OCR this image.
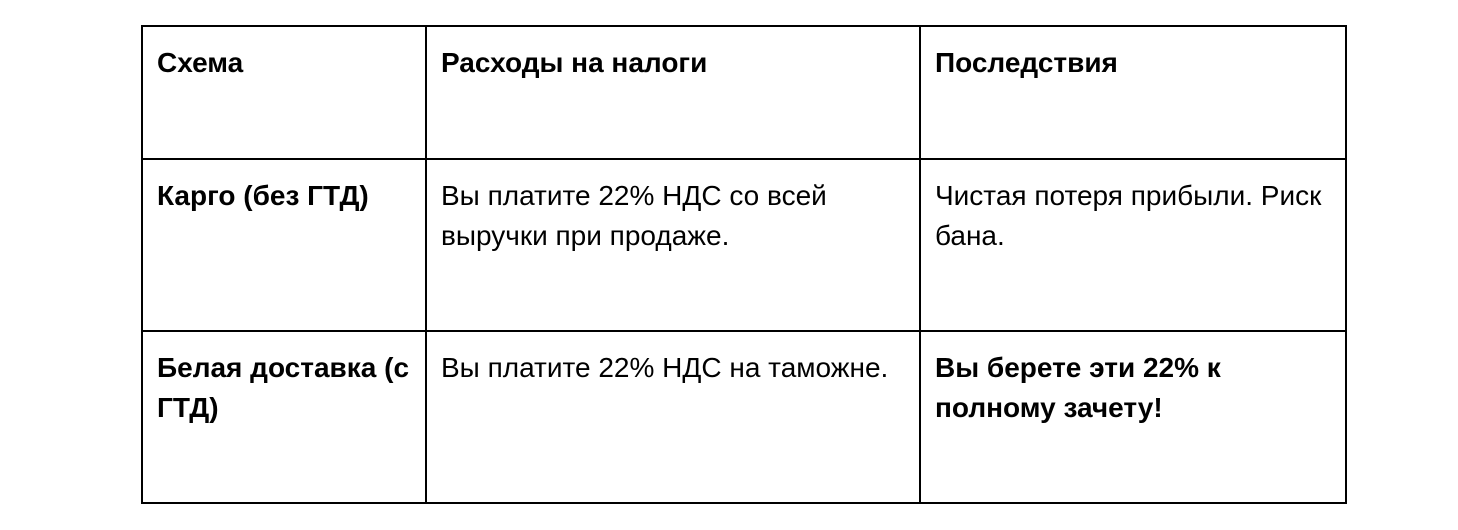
Схема	Расходы на налоги	Последствия
Карго (без ГТД)	Вы платите 22% НДС со всей выручки при продаже.	Чистая потеря прибыли. Риск бана.
Белая доставка (с ГТД)	Вы платите 22% НДС на таможне.	Вы берете эти 22% к полному зачету!
